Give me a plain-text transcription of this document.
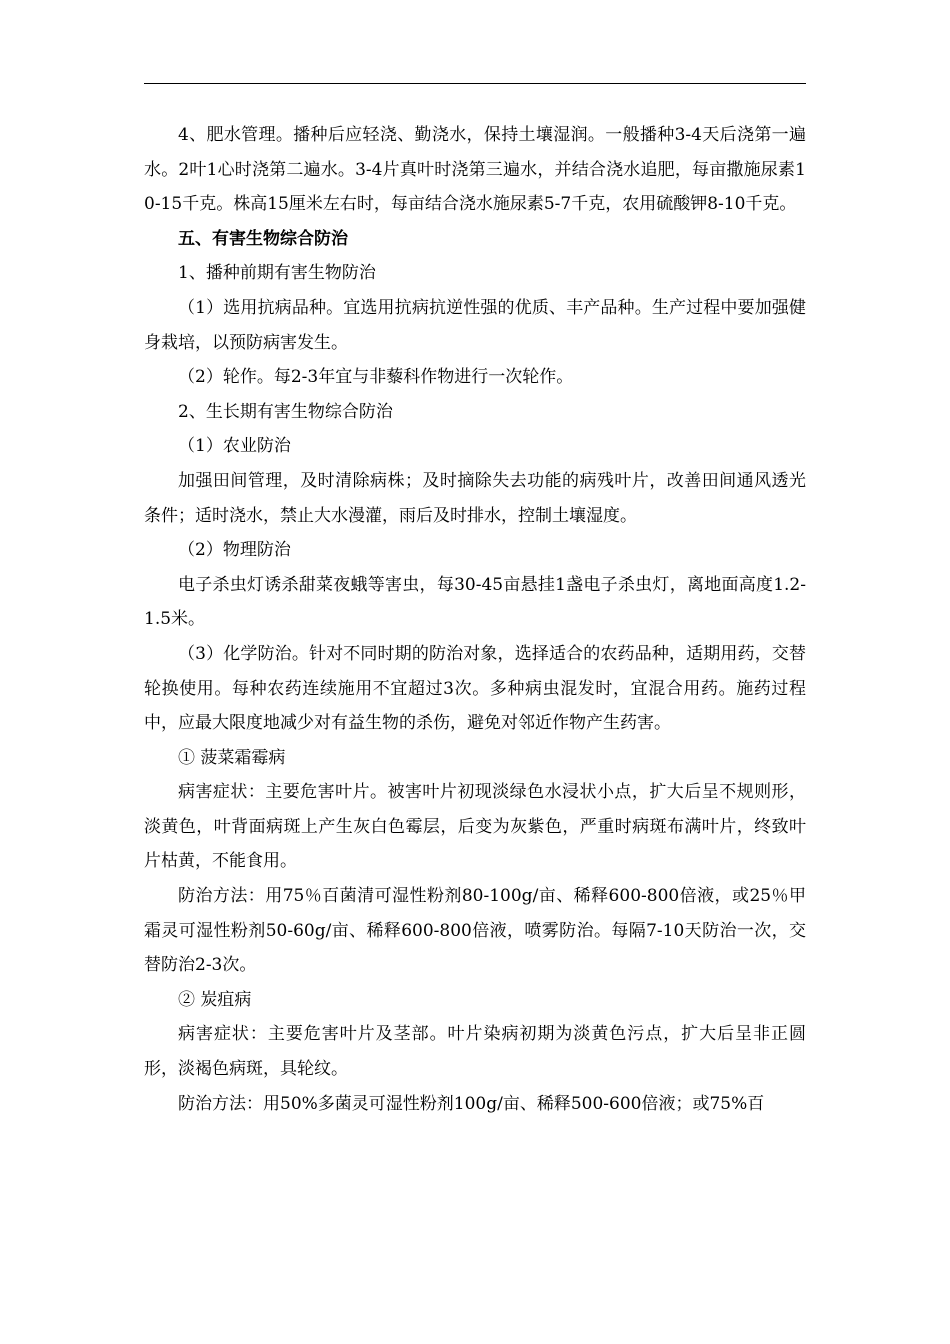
4、肥水管理。播种后应轻浇、勤浇水，保持土壤湿润。一般播种3-4天后浇第一遍水。2叶1心时浇第二遍水。3-4片真叶时浇第三遍水，并结合浇水追肥，每亩撒施尿素10-15千克。株高15厘米左右时，每亩结合浇水施尿素5-7千克，农用硫酸钾8-10千克。

五、有害生物综合防治

1、播种前期有害生物防治

（1）选用抗病品种。宜选用抗病抗逆性强的优质、丰产品种。生产过程中要加强健身栽培，以预防病害发生。

（2）轮作。每2-3年宜与非藜科作物进行一次轮作。

2、生长期有害生物综合防治

（1）农业防治

加强田间管理，及时清除病株；及时摘除失去功能的病残叶片，改善田间通风透光条件；适时浇水，禁止大水漫灌，雨后及时排水，控制土壤湿度。

（2）物理防治

电子杀虫灯诱杀甜菜夜蛾等害虫，每30-45亩悬挂1盏电子杀虫灯，离地面高度1.2-1.5米。

（3）化学防治。针对不同时期的防治对象，选择适合的农药品种，适期用药，交替轮换使用。每种农药连续施用不宜超过3次。多种病虫混发时，宜混合用药。施药过程中，应最大限度地减少对有益生物的杀伤，避免对邻近作物产生药害。

① 菠菜霜霉病

病害症状：主要危害叶片。被害叶片初现淡绿色水浸状小点，扩大后呈不规则形，淡黄色，叶背面病斑上产生灰白色霉层，后变为灰紫色，严重时病斑布满叶片，终致叶片枯黄，不能食用。

防治方法：用75％百菌清可湿性粉剂80-100g/亩、稀释600-800倍液，或25％甲霜灵可湿性粉剂50-60g/亩、稀释600-800倍液，喷雾防治。每隔7-10天防治一次，交替防治2-3次。

② 炭疽病

病害症状：主要危害叶片及茎部。叶片染病初期为淡黄色污点，扩大后呈非正圆形，淡褐色病斑，具轮纹。

防治方法：用50%多菌灵可湿性粉剂100g/亩、稀释500-600倍液；或75%百
